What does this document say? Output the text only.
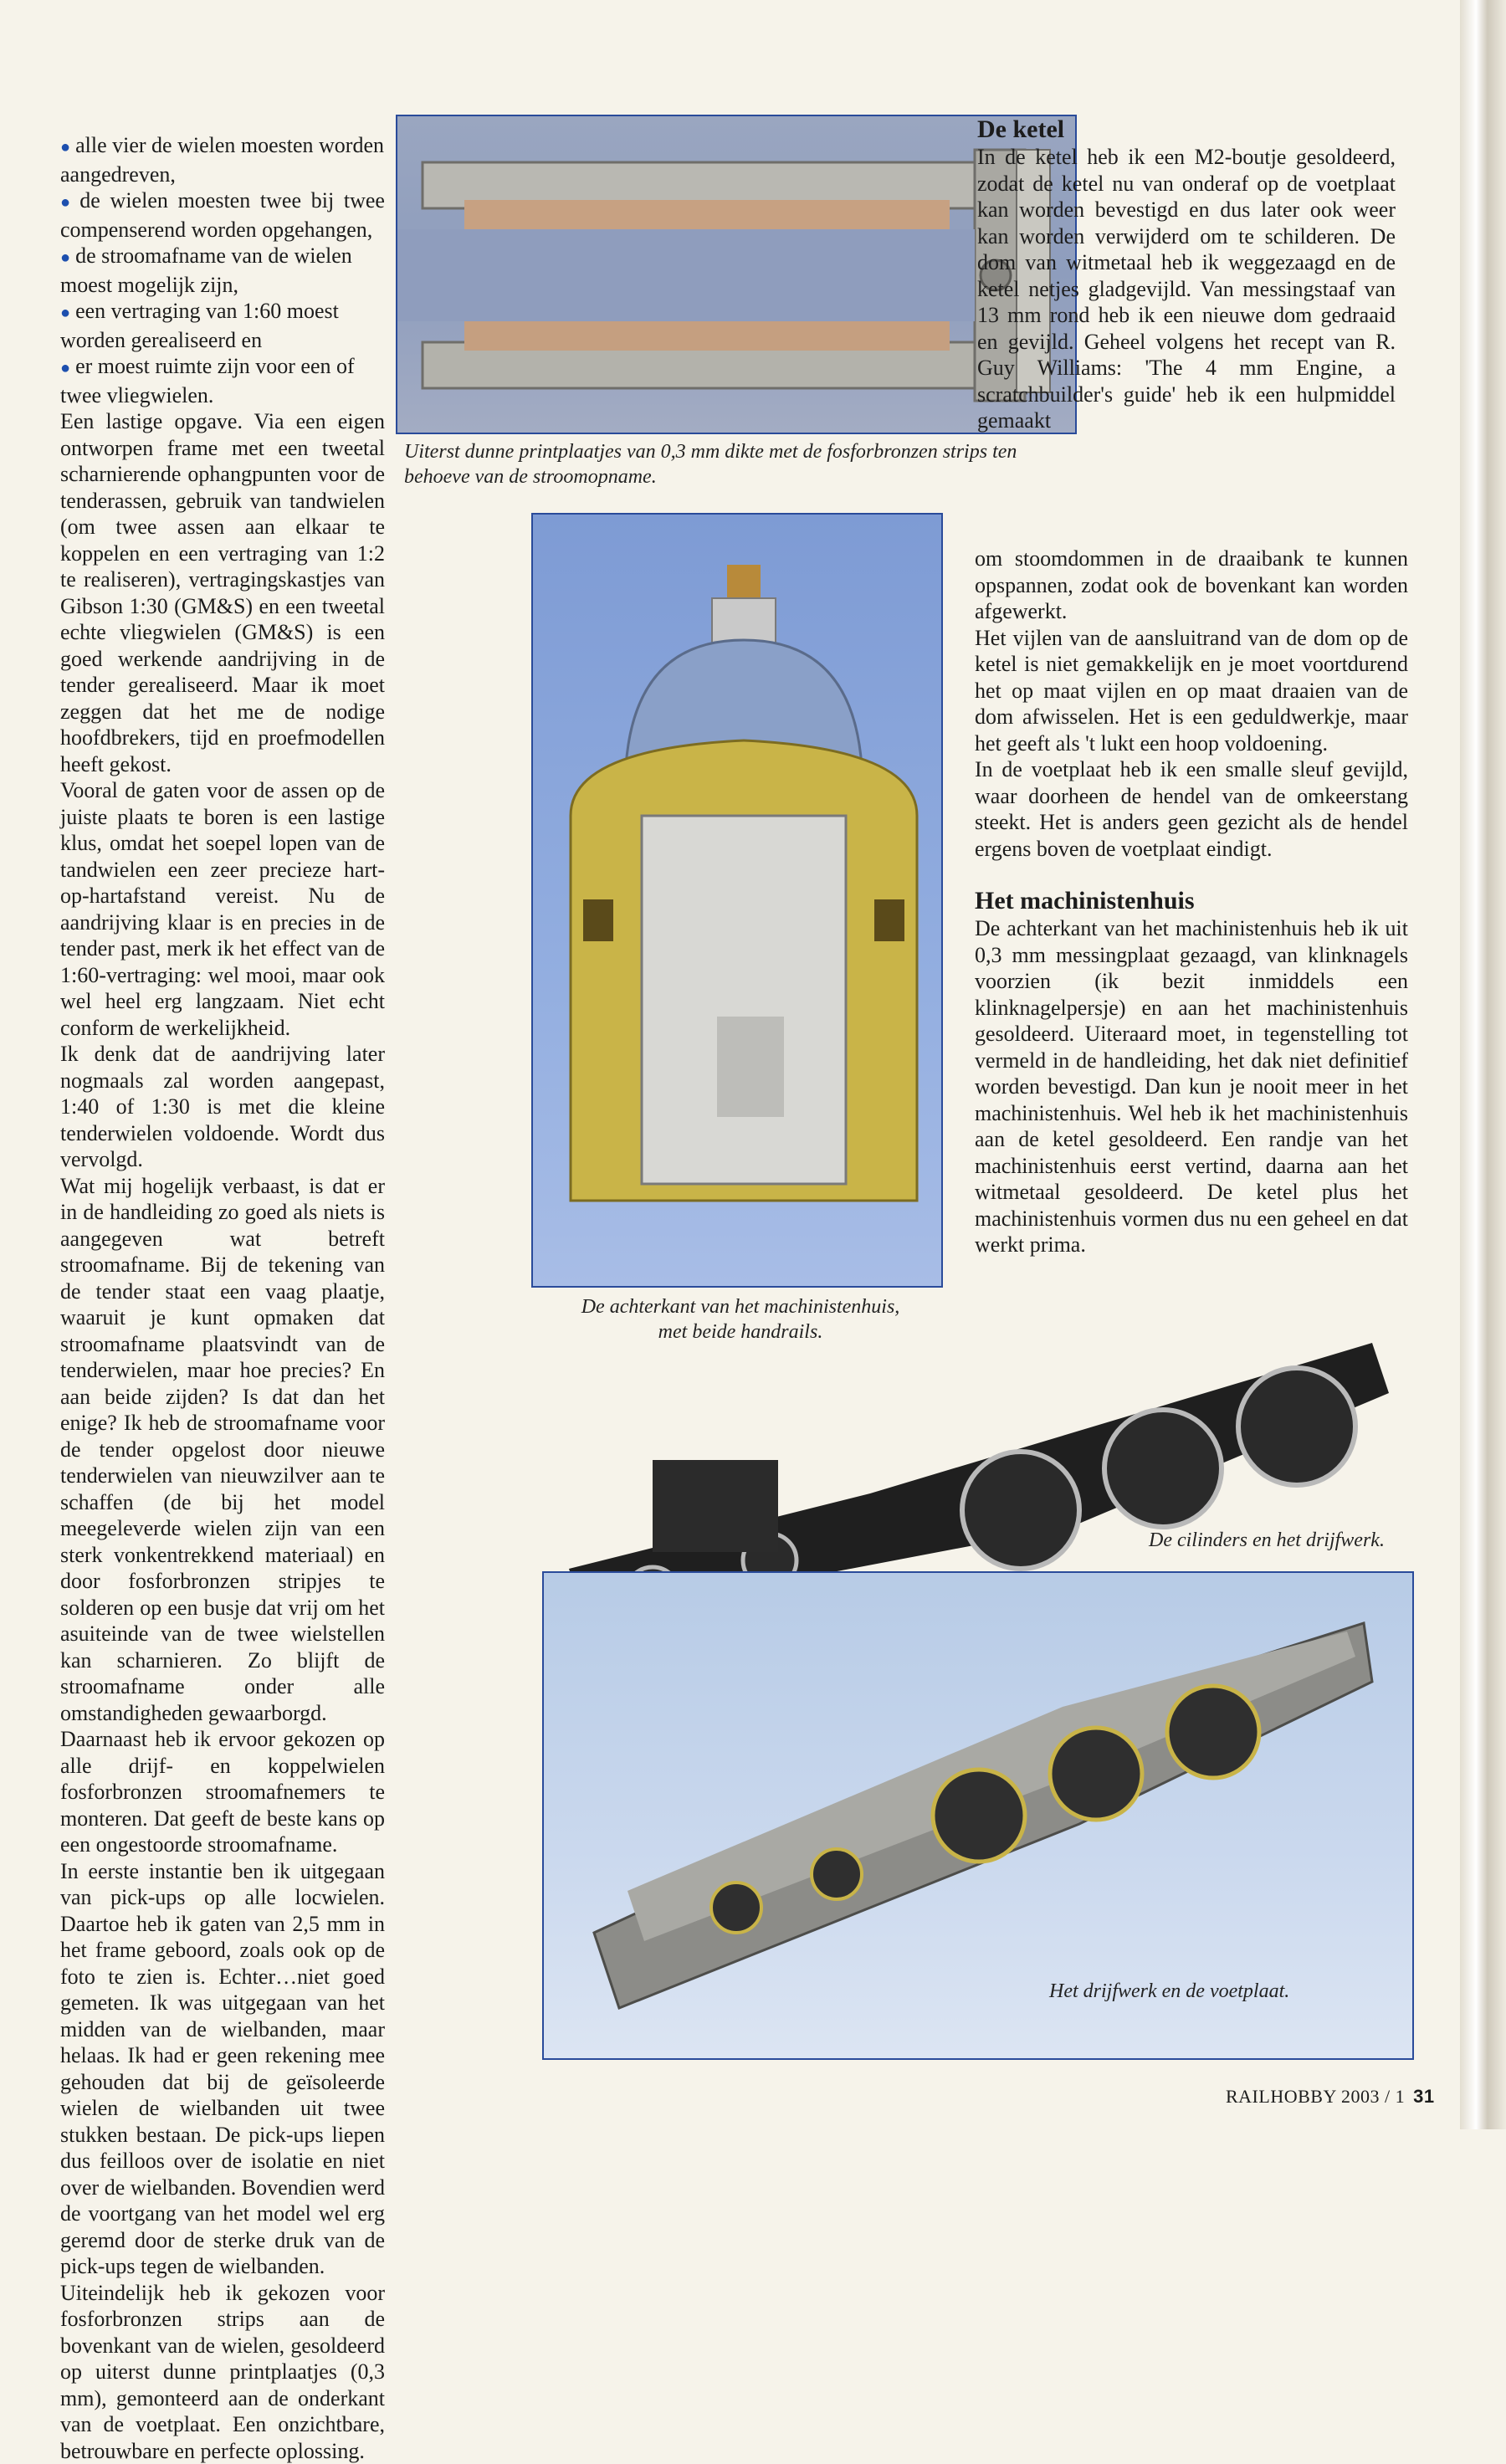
● alle vier de wielen moesten worden aangedreven,

● de wielen moesten twee bij twee compenserend worden opgehangen,

● de stroomafname van de wielen moest mogelijk zijn,

● een vertraging van 1:60 moest worden gerealiseerd en

● er moest ruimte zijn voor een of twee vliegwielen.

Een lastige opgave. Via een eigen ontworpen frame met een tweetal scharnierende ophangpunten voor de tenderassen, gebruik van tandwielen (om twee assen aan elkaar te koppelen en een vertraging van 1:2 te realiseren), vertragingskastjes van Gibson 1:30 (GM&S) en een tweetal echte vliegwielen (GM&S) is een goed werkende aandrijving in de tender gerealiseerd. Maar ik moet zeggen dat het me de nodige hoofdbrekers, tijd en proefmodellen heeft gekost.

Vooral de gaten voor de assen op de juiste plaats te boren is een lastige klus, omdat het soepel lopen van de tandwielen een zeer precieze hart-op-hartafstand vereist. Nu de aandrijving klaar is en precies in de tender past, merk ik het effect van de 1:60-vertraging: wel mooi, maar ook wel heel erg langzaam. Niet echt conform de werkelijkheid.

Ik denk dat de aandrijving later nogmaals zal worden aangepast, 1:40 of 1:30 is met die kleine tenderwielen voldoende. Wordt dus vervolgd.

Wat mij hogelijk verbaast, is dat er in de handleiding zo goed als niets is aangegeven wat betreft stroomafname. Bij de tekening van de tender staat een vaag plaatje, waaruit je kunt opmaken dat stroomafname plaatsvindt van de tenderwielen, maar hoe precies? En aan beide zijden? Is dat dan het enige? Ik heb de stroomafname voor de tender opgelost door nieuwe tenderwielen van nieuwzilver aan te schaffen (de bij het model meegeleverde wielen zijn van een sterk vonkentrekkend materiaal) en door fosforbronzen stripjes te solderen op een busje dat vrij om het asuiteinde van de twee wielstellen kan scharnieren. Zo blijft de stroomafname onder alle omstandigheden gewaarborgd.

Daarnaast heb ik ervoor gekozen op alle drijf- en koppelwielen fosforbronzen stroomafnemers te monteren. Dat geeft de beste kans op een ongestoorde stroomafname.

In eerste instantie ben ik uitgegaan van pick-ups op alle locwielen. Daartoe heb ik gaten van 2,5 mm in het frame geboord, zoals ook op de foto te zien is. Echter…niet goed gemeten. Ik was uitgegaan van het midden van de wielbanden, maar helaas. Ik had er geen rekening mee gehouden dat bij de geïsoleerde wielen de wielbanden uit twee stukken bestaan. De pick-ups liepen dus feilloos over de isolatie en niet over de wielbanden. Bovendien werd de voortgang van het model wel erg geremd door de sterke druk van de pick-ups tegen de wielbanden.

Uiteindelijk heb ik gekozen voor fosforbronzen strips aan de bovenkant van de wielen, gesoldeerd op uiterst dunne printplaatjes (0,3 mm), gemonteerd aan de onderkant van de voetplaat. Een onzichtbare, betrouwbare en perfecte oplossing.

Uiterst dunne printplaatjes van 0,3 mm dikte met de fosforbronzen strips ten behoeve van de stroomopname.
De ketel

In de ketel heb ik een M2-boutje gesoldeerd, zodat de ketel nu van onderaf op de voetplaat kan worden bevestigd en dus later ook weer kan worden verwijderd om te schilderen. De dom van witmetaal heb ik weggezaagd en de ketel netjes gladgevijld. Van messingstaaf van 13 mm rond heb ik een nieuwe dom gedraaid en gevijld. Geheel volgens het recept van R. Guy Williams: 'The 4 mm Engine, a scratchbuilder's guide' heb ik een hulpmiddel gemaakt

om stoomdommen in de draaibank te kunnen opspannen, zodat ook de bovenkant kan worden afgewerkt.

Het vijlen van de aansluitrand van de dom op de ketel is niet gemakkelijk en je moet voortdurend het op maat vijlen en op maat draaien van de dom afwisselen. Het is een geduldwerkje, maar het geeft als 't lukt een hoop voldoening.

In de voetplaat heb ik een smalle sleuf gevijld, waar doorheen de hendel van de omkeerstang steekt. Het is anders geen gezicht als de hendel ergens boven de voetplaat eindigt.

Het machinistenhuis

De achterkant van het machinistenhuis heb ik uit 0,3 mm messingplaat gezaagd, van klinknagels voorzien (ik bezit inmiddels een klinknagelpersje) en aan het machinistenhuis gesoldeerd. Uiteraard moet, in tegenstelling tot vermeld in de handleiding, het dak niet definitief worden bevestigd. Dan kun je nooit meer in het machinistenhuis. Wel heb ik het machinistenhuis aan de ketel gesoldeerd. Een randje van het machinistenhuis eerst vertind, daarna aan het witmetaal gesoldeerd. De ketel plus het machinistenhuis vormen dus nu een geheel en dat werkt prima.

De achterkant van het machinistenhuis,
met beide handrails.
De cilinders en het drijfwerk.
Het drijfwerk en de voetplaat.
RAILHOBBY 2003 / 1 31
